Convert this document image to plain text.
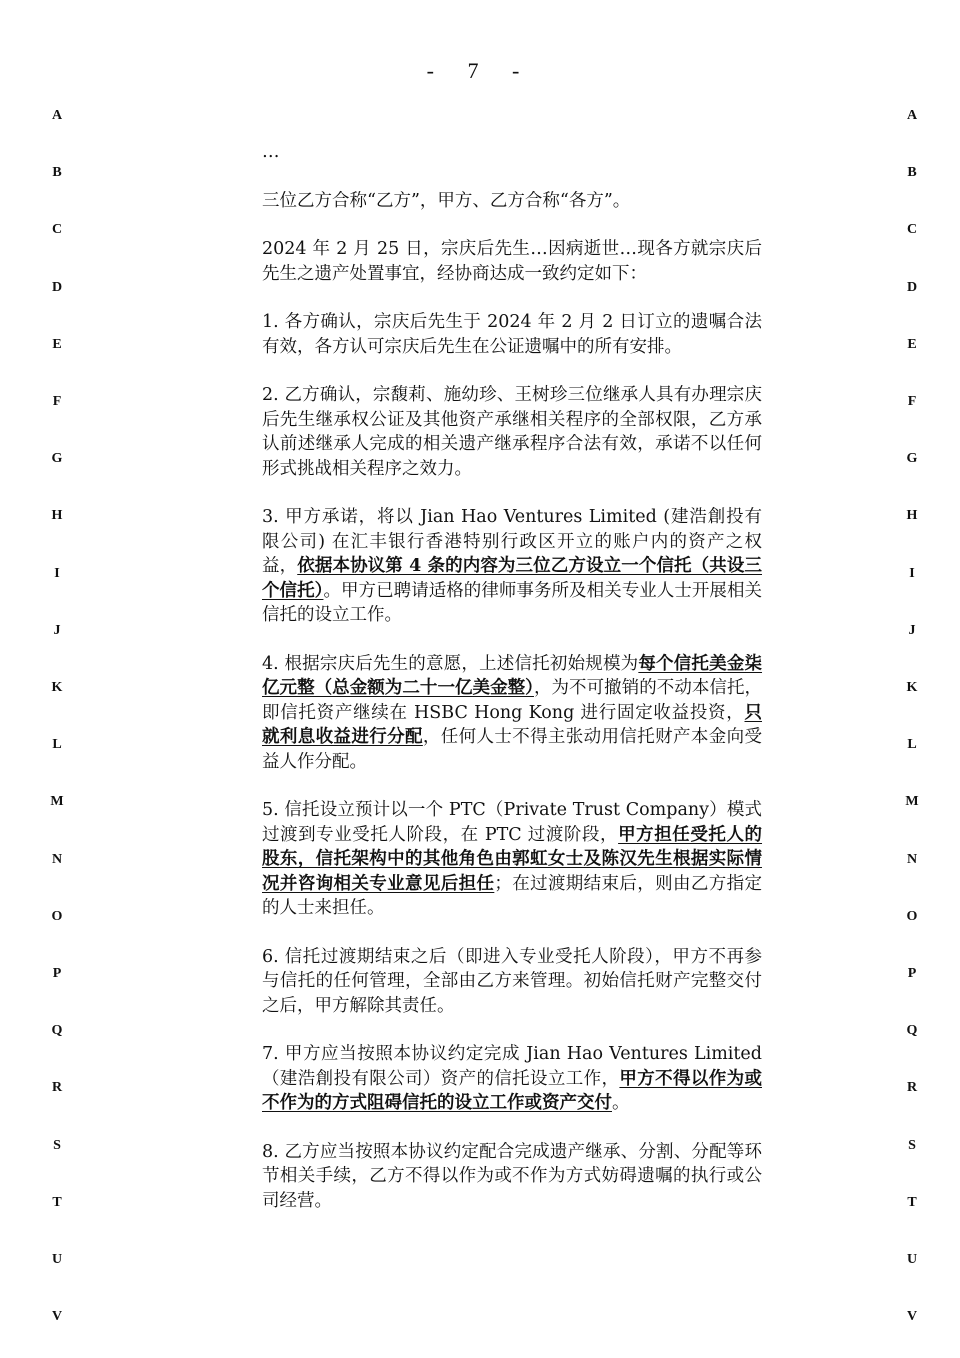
- 7 -
A
B
C
D
E
F
G
H
I
J
K
L
M
N
O
P
Q
R
S
T
U
V
A
B
C
D
E
F
G
H
I
J
K
L
M
N
O
P
Q
R
S
T
U
V

…

三位乙方合称“乙方”，甲方、乙方合称“各方”。

2024 年 2 月 25 日，宗庆后先生…因病逝世…现各方就宗庆后先生之遗产处置事宜，经协商达成一致约定如下：

1. 各方确认，宗庆后先生于 2024 年 2 月 2 日订立的遗嘱合法有效，各方认可宗庆后先生在公证遗嘱中的所有安排。

2. 乙方确认，宗馥莉、施幼珍、王树珍三位继承人具有办理宗庆后先生继承权公证及其他资产承继相关程序的全部权限，乙方承认前述继承人完成的相关遗产继承程序合法有效，承诺不以任何形式挑战相关程序之效力。

3. 甲方承诺，将以 Jian Hao Ventures Limited (建浩創投有限公司) 在汇丰银行香港特别行政区开立的账户内的资产之权益，依据本协议第 4 条的内容为三位乙方设立一个信托（共设三个信托）。甲方已聘请适格的律师事务所及相关专业人士开展相关信托的设立工作。

4. 根据宗庆后先生的意愿，上述信托初始规模为每个信托美金柒亿元整（总金额为二十一亿美金整），为不可撤销的不动本信托，即信托资产继续在 HSBC Hong Kong 进行固定收益投资，只就利息收益进行分配，任何人士不得主张动用信托财产本金向受益人作分配。

5. 信托设立预计以一个 PTC（Private Trust Company）模式过渡到专业受托人阶段，在 PTC 过渡阶段，甲方担任受托人的股东，信托架构中的其他角色由郭虹女士及陈汉先生根据实际情况并咨询相关专业意见后担任；在过渡期结束后，则由乙方指定的人士来担任。

6. 信托过渡期结束之后（即进入专业受托人阶段），甲方不再参与信托的任何管理，全部由乙方来管理。初始信托财产完整交付之后，甲方解除其责任。

7. 甲方应当按照本协议约定完成 Jian Hao Ventures Limited（建浩創投有限公司）资产的信托设立工作，甲方不得以作为或不作为的方式阻碍信托的设立工作或资产交付。

8. 乙方应当按照本协议约定配合完成遗产继承、分割、分配等环节相关手续，乙方不得以作为或不作为方式妨碍遗嘱的执行或公司经营。
